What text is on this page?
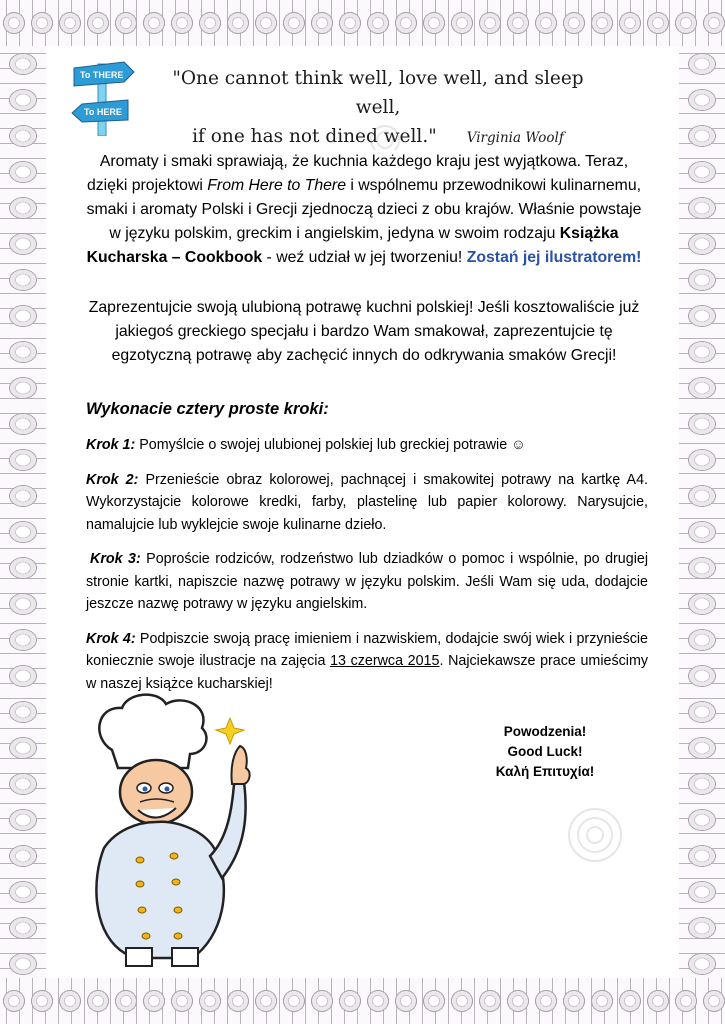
To THERE
To HERE
"One cannot think well, love well, and sleep well,
if one has not dined well." Virginia Woolf
Aromaty i smaki sprawiają, że kuchnia każdego kraju jest wyjątkowa. Teraz, dzięki projektowi From Here to There i wspólnemu przewodnikowi kulinarnemu, smaki i aromaty Polski i Grecji zjednoczą dzieci z obu krajów. Właśnie powstaje w języku polskim, greckim i angielskim, jedyna w swoim rodzaju Książka Kucharska – Cookbook - weź udział w jej tworzeniu! Zostań jej ilustratorem!
Zaprezentujcie swoją ulubioną potrawę kuchni polskiej! Jeśli kosztowaliście już jakiegoś greckiego specjału i bardzo Wam smakował, zaprezentujcie tę egzotyczną potrawę aby zachęcić innych do odkrywania smaków Grecji!
Wykonacie cztery proste kroki:
Krok 1: Pomyślcie o swojej ulubionej polskiej lub greckiej potrawie ☺
Krok 2: Przenieście obraz kolorowej, pachnącej i smakowitej potrawy na kartkę A4. Wykorzystajcie kolorowe kredki, farby, plastelinę lub papier kolorowy. Narysujcie, namalujcie lub wyklejcie swoje kulinarne dzieło.
Krok 3: Poproście rodziców, rodzeństwo lub dziadków o pomoc i wspólnie, po drugiej stronie kartki, napiszcie nazwę potrawy w języku polskim. Jeśli Wam się uda, dodajcie jeszcze nazwę potrawy w języku angielskim.
Krok 4: Podpiszcie swoją pracę imieniem i nazwiskiem, dodajcie swój wiek i przynieście koniecznie swoje ilustracje na zajęcia 13 czerwca 2015. Najciekawsze prace umieścimy w naszej książce kucharskiej!
Powodzenia!
Good Luck!
Καλή Επιτυχία!
